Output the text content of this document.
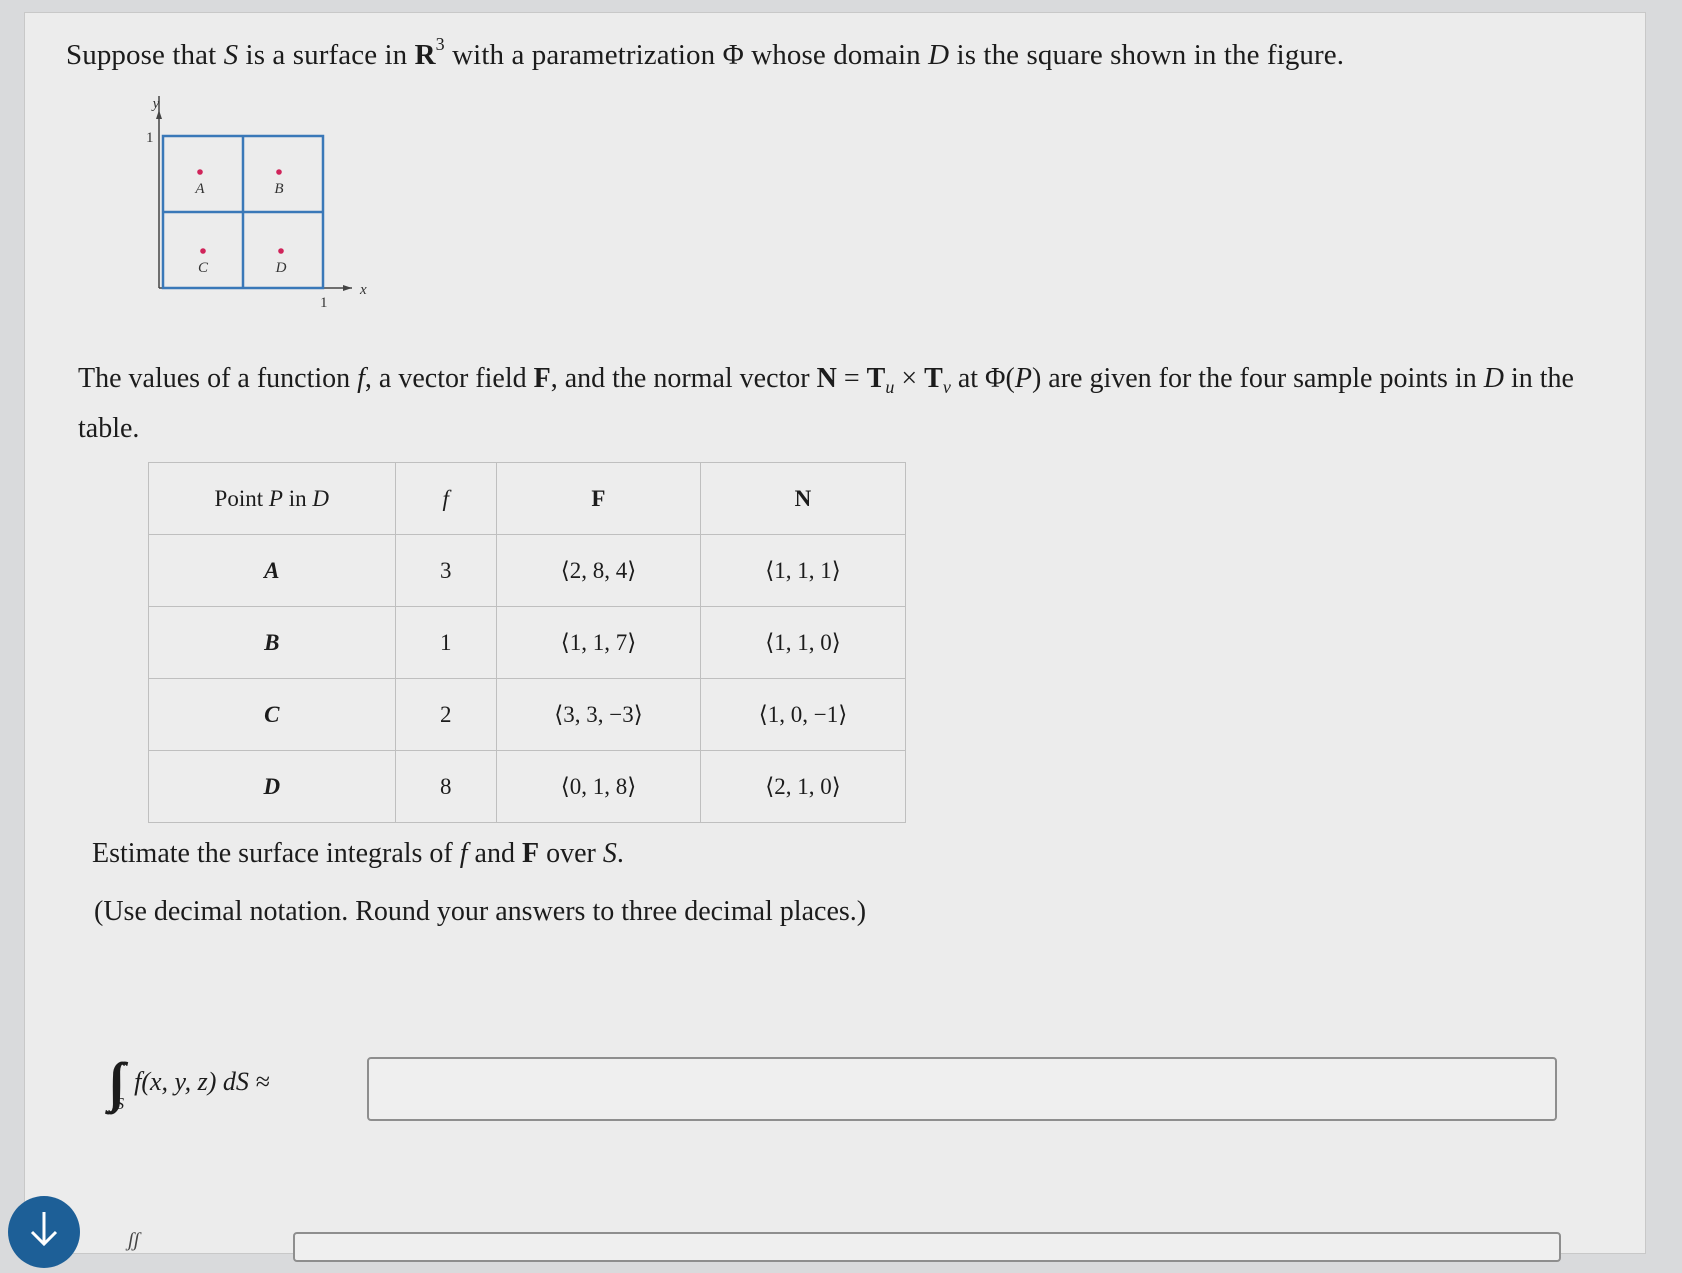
Suppose that S is a surface in $R^3$ with a parametrization Φ whose domain D is the square shown in the figure.
y
x
1
1
A	B
C	D
The values of a function f, a vector field F, and the normal vector $N = T_u \times T_v$ at Φ(P) are given for the four sample points in D in the table.
Point P in D	f	F	N
A	3	⟨2, 8, 4⟩	⟨1, 1, 1⟩
B	1	⟨1, 1, 7⟩	⟨1, 1, 0⟩
C	2	⟨3, 3, −3⟩	⟨1, 0, −1⟩
D	8	⟨0, 1, 8⟩	⟨2, 1, 0⟩
Estimate the surface integrals of f and F over S.
(Use decimal notation. Round your answers to three decimal places.)
∫∫ S
f(x, y, z) dS ≈
ʃʃ
